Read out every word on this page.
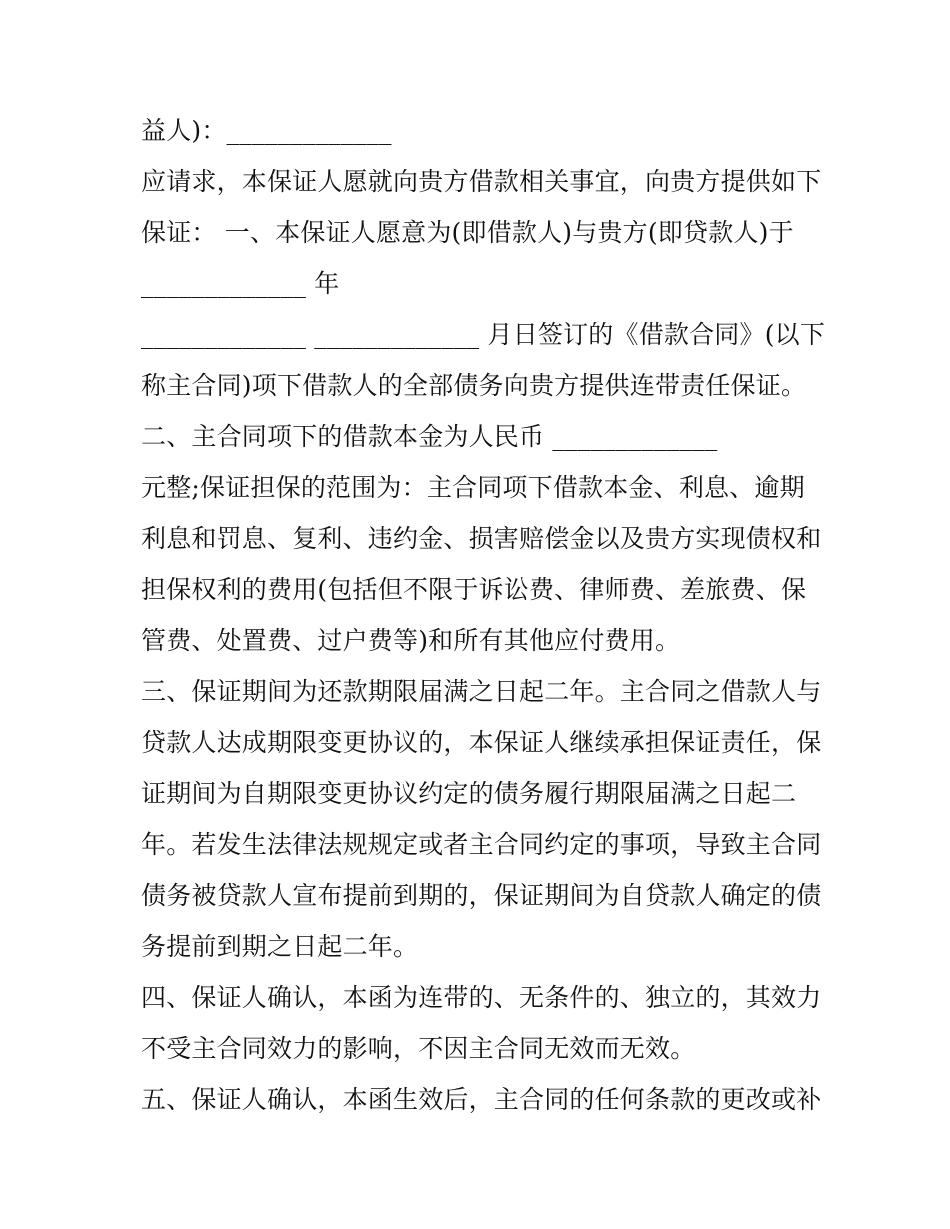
益人)：_____________
应请求，本保证人愿就向贵方借款相关事宜，向贵方提供如下
保证： 一、本保证人愿意为(即借款人)与贵方(即贷款人)于
_____________ 年
_____________ _____________ 月日签订的《借款合同》(以下
称主合同)项下借款人的全部债务向贵方提供连带责任保证。
二、主合同项下的借款本金为人民币 _____________
元整;保证担保的范围为：主合同项下借款本金、利息、逾期
利息和罚息、复利、违约金、损害赔偿金以及贵方实现债权和
担保权利的费用(包括但不限于诉讼费、律师费、差旅费、保
管费、处置费、过户费等)和所有其他应付费用。
三、保证期间为还款期限届满之日起二年。主合同之借款人与
贷款人达成期限变更协议的，本保证人继续承担保证责任，保
证期间为自期限变更协议约定的债务履行期限届满之日起二
年。若发生法律法规规定或者主合同约定的事项，导致主合同
债务被贷款人宣布提前到期的，保证期间为自贷款人确定的债
务提前到期之日起二年。
四、保证人确认，本函为连带的、无条件的、独立的，其效力
不受主合同效力的影响，不因主合同无效而无效。
五、保证人确认，本函生效后，主合同的任何条款的更改或补
